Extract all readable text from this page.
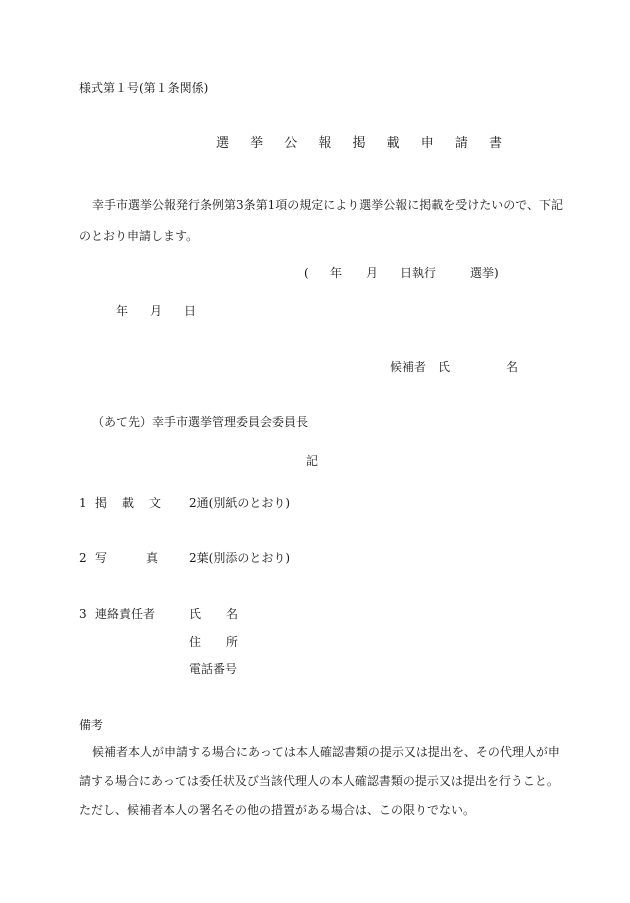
様式第１号(第１条関係)
選 挙 公 報 掲 載 申 請 書
幸手市選挙公報発行条例第3条第1項の規定により選挙公報に掲載を受けたいので、下記
のとおり申請します。
( 年 月 日執行	選挙)
年 月 日
候補者 氏	名
（あて先）幸手市選挙管理委員会委員長
記
1 掲 載 文 2通(別紙のとおり)
2 写	真	2葉(別添のとおり)
3 連絡責任者	氏 名
住 所
電話番号
備考
候補者本人が申請する場合にあっては本人確認書類の提示又は提出を、その代理人が申
請する場合にあっては委任状及び当該代理人の本人確認書類の提示又は提出を行うこと。
ただし、候補者本人の署名その他の措置がある場合は、この限りでない。
